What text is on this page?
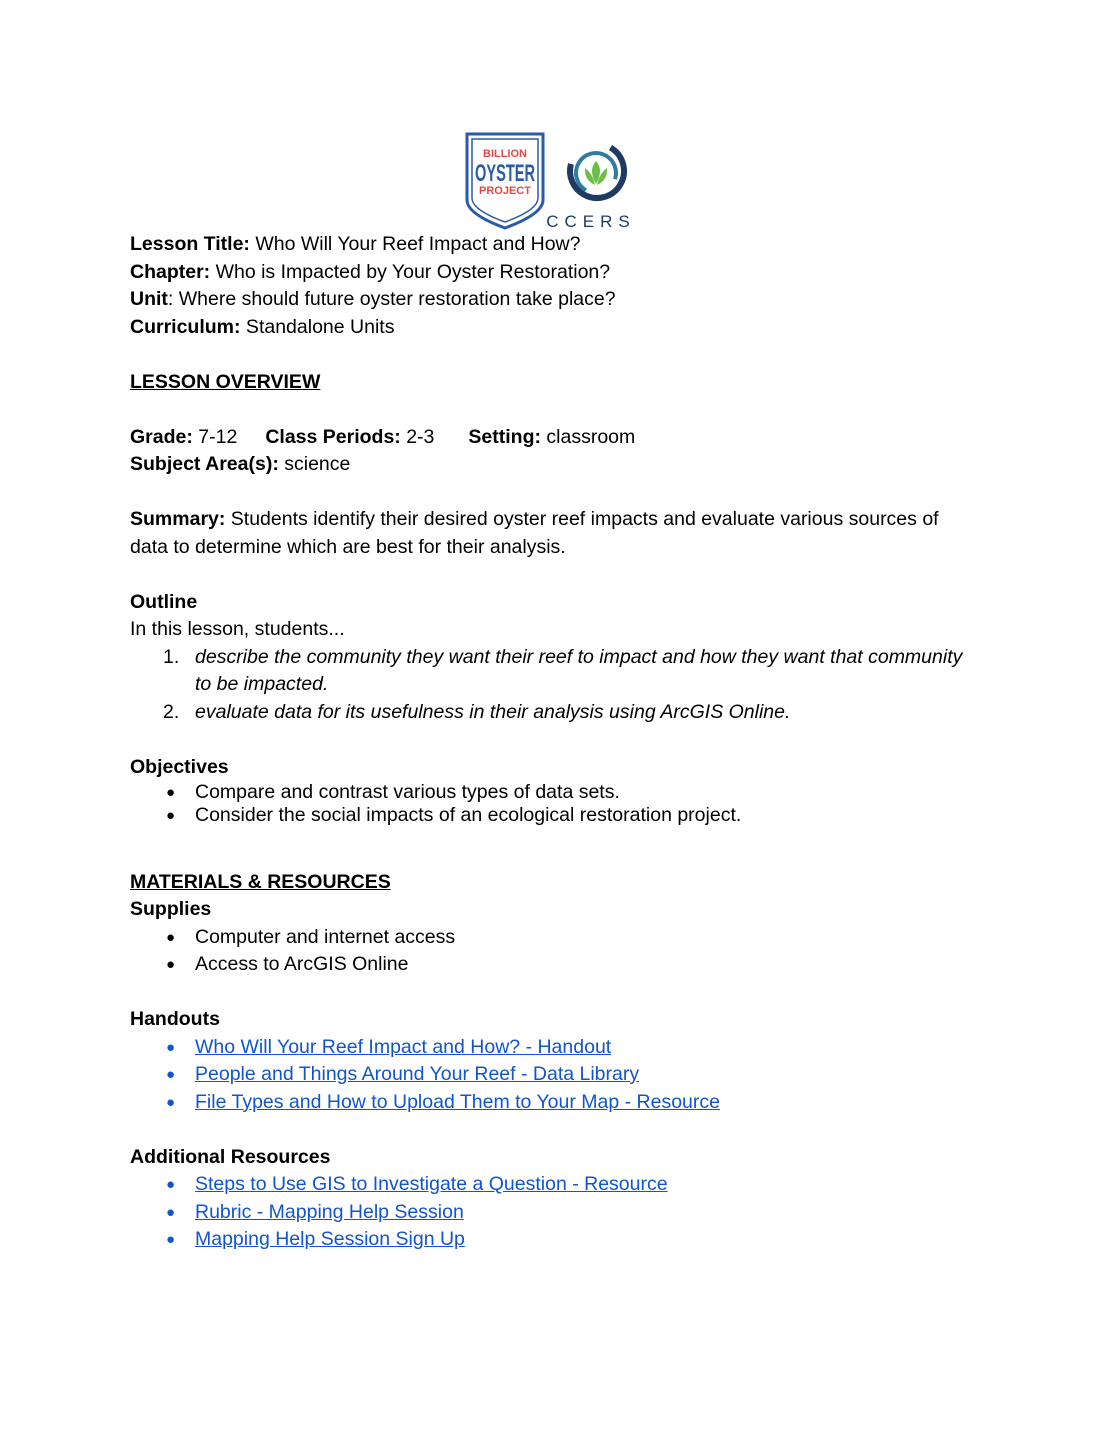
BILLION
OYSTER
PROJECT
CCERS
Lesson Title: Who Will Your Reef Impact and How?
Chapter: Who is Impacted by Your Oyster Restoration?
Unit: Where should future oyster restoration take place?
Curriculum: Standalone Units
LESSON OVERVIEW
Grade: 7-12 Class Periods: 2-3 Setting: classroom
Subject Area(s): science
Summary: Students identify their desired oyster reef impacts and evaluate various sources of data to determine which are best for their analysis.
Outline
In this lesson, students...
1. describe the community they want their reef to impact and how they want that community to be impacted.
2. evaluate data for its usefulness in their analysis using ArcGIS Online.
Objectives
● Compare and contrast various types of data sets.
● Consider the social impacts of an ecological restoration project.
MATERIALS & RESOURCES
Supplies
● Computer and internet access
● Access to ArcGIS Online
Handouts
● Who Will Your Reef Impact and How? - Handout
● People and Things Around Your Reef - Data Library
● File Types and How to Upload Them to Your Map - Resource
Additional Resources
● Steps to Use GIS to Investigate a Question - Resource
● Rubric - Mapping Help Session
● Mapping Help Session Sign Up
